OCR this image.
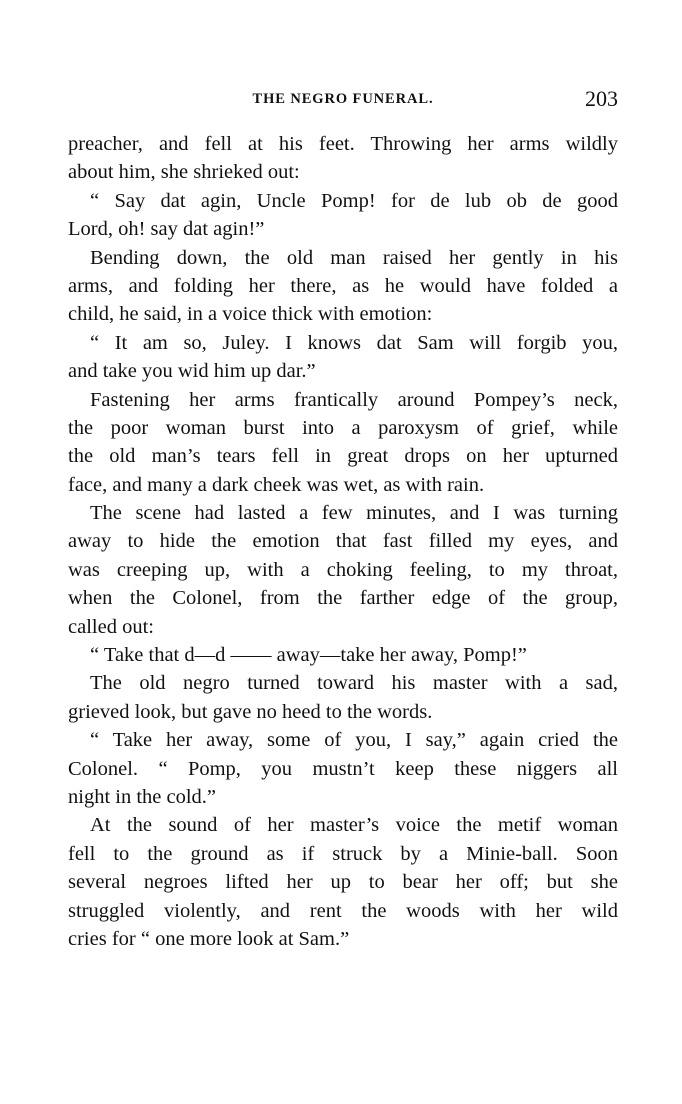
THE NEGRO FUNERAL.	203
preacher, and fell at his feet. Throwing her arms wildly
about him, she shrieked out:
“ Say dat agin, Uncle Pomp! for de lub ob de good
Lord, oh! say dat agin!”
Bending down, the old man raised her gently in his
arms, and folding her there, as he would have folded a
child, he said, in a voice thick with emotion:
“ It am so, Juley. I knows dat Sam will forgib you,
and take you wid him up dar.”
Fastening her arms frantically around Pompey’s neck,
the poor woman burst into a paroxysm of grief, while
the old man’s tears fell in great drops on her upturned
face, and many a dark cheek was wet, as with rain.
The scene had lasted a few minutes, and I was turning
away to hide the emotion that fast filled my eyes, and
was creeping up, with a choking feeling, to my throat,
when the Colonel, from the farther edge of the group,
called out:
“ Take that d—d —— away—take her away, Pomp!”
The old negro turned toward his master with a sad,
grieved look, but gave no heed to the words.
“ Take her away, some of you, I say,” again cried the
Colonel. “ Pomp, you mustn’t keep these niggers all
night in the cold.”
At the sound of her master’s voice the metif woman
fell to the ground as if struck by a Minie-ball. Soon
several negroes lifted her up to bear her off; but she
struggled violently, and rent the woods with her wild
cries for “ one more look at Sam.”
